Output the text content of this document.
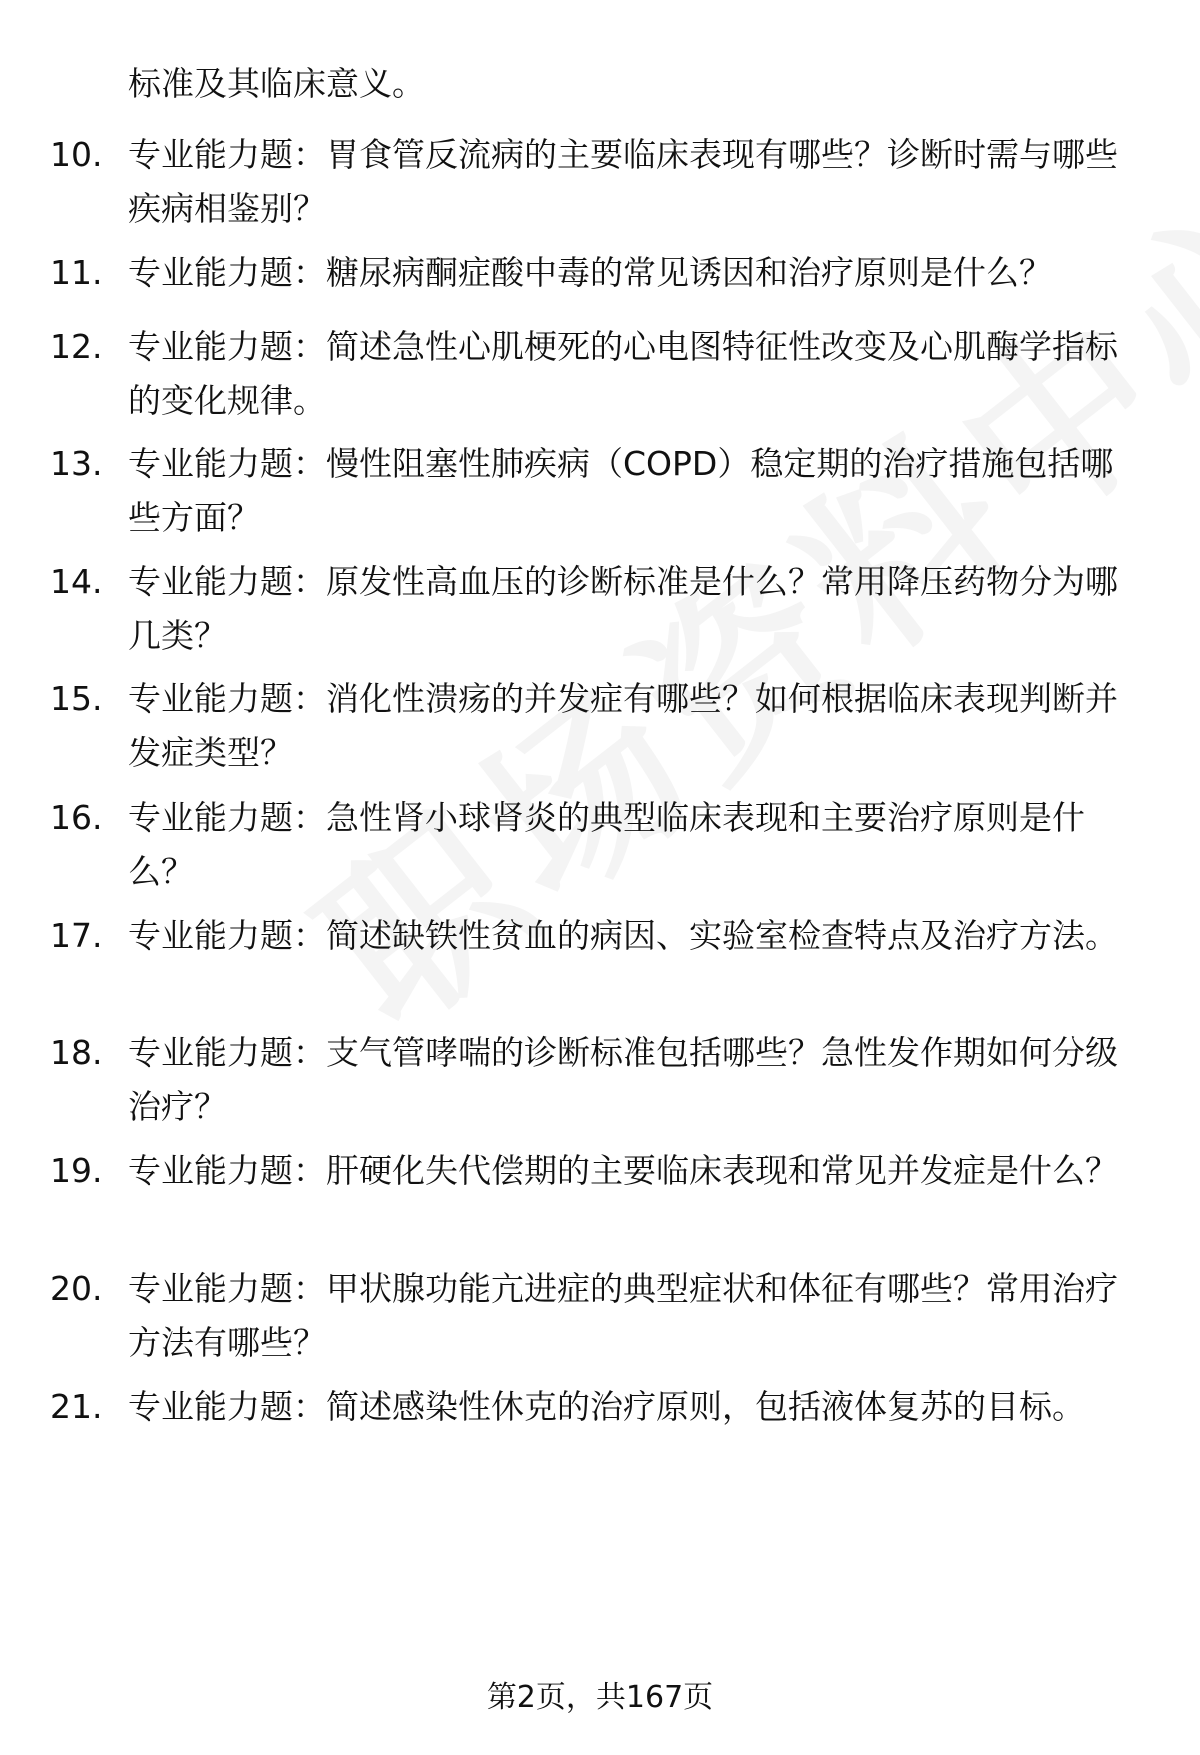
标准及其临床意义。
10. 专业能力题：胃食管反流病的主要临床表现有哪些？诊断时需与哪些疾病相鉴别？
11. 专业能力题：糖尿病酮症酸中毒的常见诱因和治疗原则是什么？
12. 专业能力题：简述急性心肌梗死的心电图特征性改变及心肌酶学指标的变化规律。
13. 专业能力题：慢性阻塞性肺疾病（COPD）稳定期的治疗措施包括哪些方面？
14. 专业能力题：原发性高血压的诊断标准是什么？常用降压药物分为哪几类？
15. 专业能力题：消化性溃疡的并发症有哪些？如何根据临床表现判断并发症类型？
16. 专业能力题：急性肾小球肾炎的典型临床表现和主要治疗原则是什么？
17. 专业能力题：简述缺铁性贫血的病因、实验室检查特点及治疗方法。
18. 专业能力题：支气管哮喘的诊断标准包括哪些？急性发作期如何分级治疗？
19. 专业能力题：肝硬化失代偿期的主要临床表现和常见并发症是什么？
20. 专业能力题：甲状腺功能亢进症的典型症状和体征有哪些？常用治疗方法有哪些？
21. 专业能力题：简述感染性休克的治疗原则，包括液体复苏的目标。
第2页，共167页
